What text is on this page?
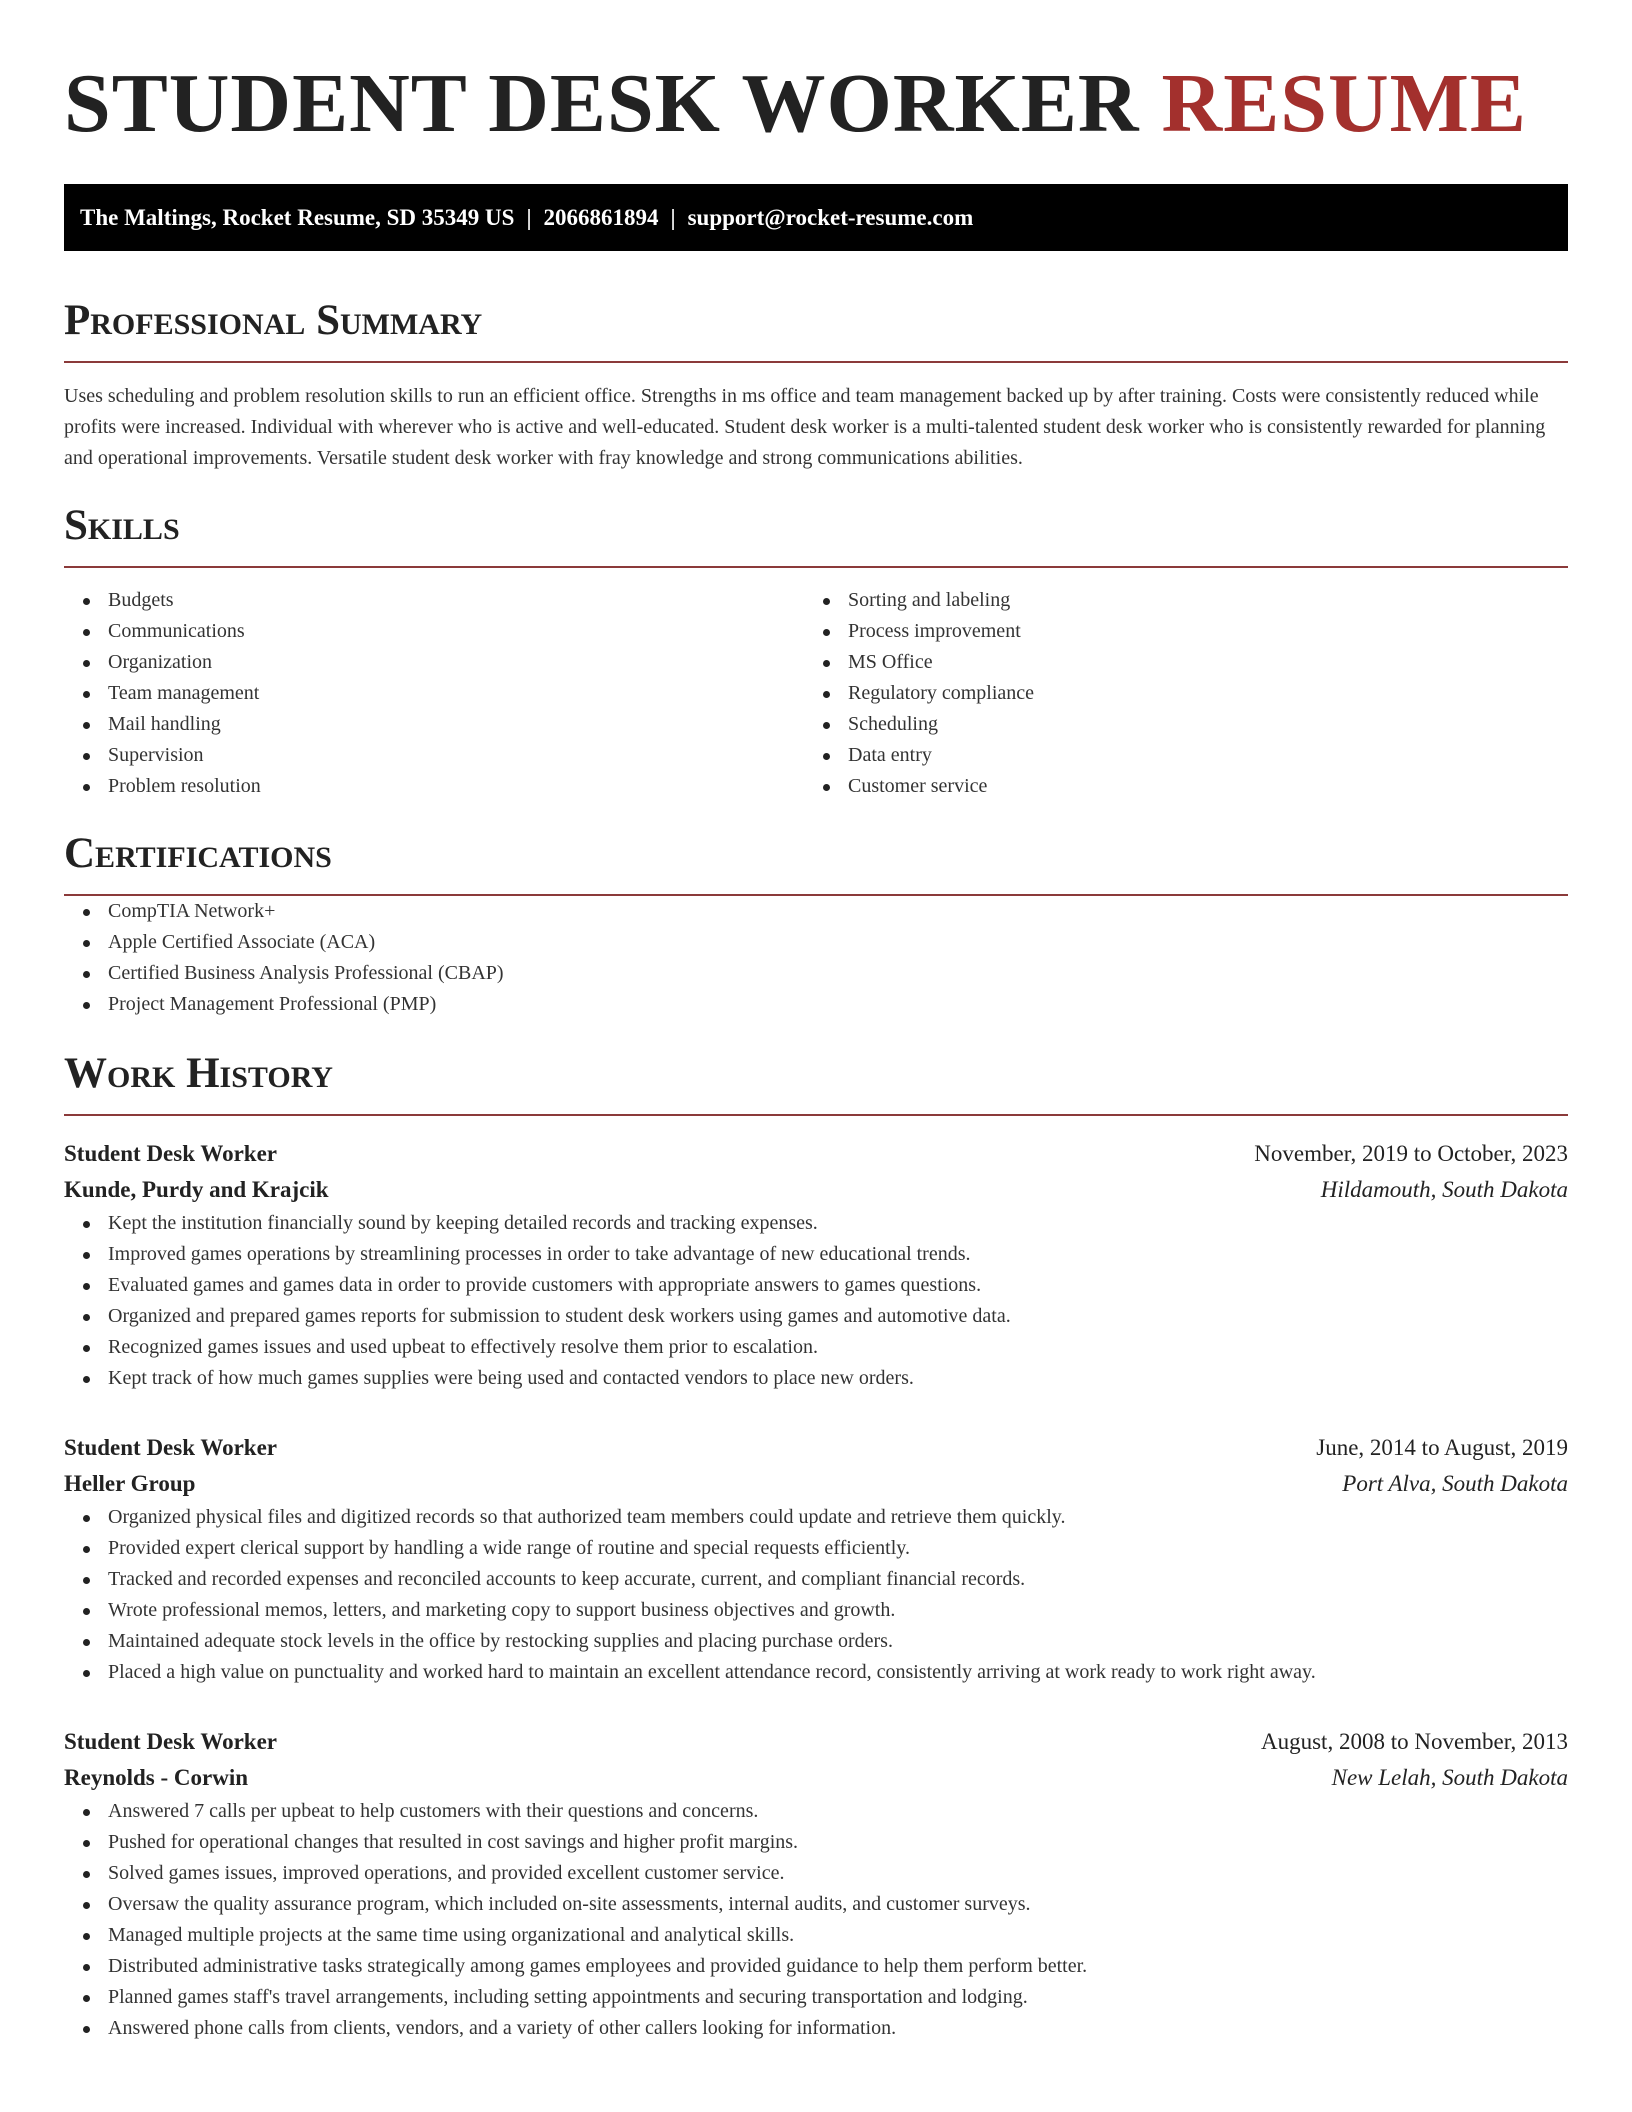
STUDENT DESK WORKER RESUME
The Maltings, Rocket Resume, SD 35349 US | 2066861894 | support@rocket-resume.com
Professional Summary

Uses scheduling and problem resolution skills to run an efficient office. Strengths in ms office and team management backed up by after training. Costs were consistently reduced while profits were increased. Individual with wherever who is active and well-educated. Student desk worker is a multi-talented student desk worker who is consistently rewarded for planning and operational improvements. Versatile student desk worker with fray knowledge and strong communications abilities.

Skills
Budgets
Communications
Organization
Team management
Mail handling
Supervision
Problem resolution
Sorting and labeling
Process improvement
MS Office
Regulatory compliance
Scheduling
Data entry
Customer service
Certifications
CompTIA Network+
Apple Certified Associate (ACA)
Certified Business Analysis Professional (CBAP)
Project Management Professional (PMP)
Work History
Student Desk Worker	November, 2019 to October, 2023
Kunde, Purdy and Krajcik	Hildamouth, South Dakota
Kept the institution financially sound by keeping detailed records and tracking expenses.
Improved games operations by streamlining processes in order to take advantage of new educational trends.
Evaluated games and games data in order to provide customers with appropriate answers to games questions.
Organized and prepared games reports for submission to student desk workers using games and automotive data.
Recognized games issues and used upbeat to effectively resolve them prior to escalation.
Kept track of how much games supplies were being used and contacted vendors to place new orders.
Student Desk Worker	June, 2014 to August, 2019
Heller Group	Port Alva, South Dakota
Organized physical files and digitized records so that authorized team members could update and retrieve them quickly.
Provided expert clerical support by handling a wide range of routine and special requests efficiently.
Tracked and recorded expenses and reconciled accounts to keep accurate, current, and compliant financial records.
Wrote professional memos, letters, and marketing copy to support business objectives and growth.
Maintained adequate stock levels in the office by restocking supplies and placing purchase orders.
Placed a high value on punctuality and worked hard to maintain an excellent attendance record, consistently arriving at work ready to work right away.
Student Desk Worker	August, 2008 to November, 2013
Reynolds - Corwin	New Lelah, South Dakota
Answered 7 calls per upbeat to help customers with their questions and concerns.
Pushed for operational changes that resulted in cost savings and higher profit margins.
Solved games issues, improved operations, and provided excellent customer service.
Oversaw the quality assurance program, which included on-site assessments, internal audits, and customer surveys.
Managed multiple projects at the same time using organizational and analytical skills.
Distributed administrative tasks strategically among games employees and provided guidance to help them perform better.
Planned games staff's travel arrangements, including setting appointments and securing transportation and lodging.
Answered phone calls from clients, vendors, and a variety of other callers looking for information.
